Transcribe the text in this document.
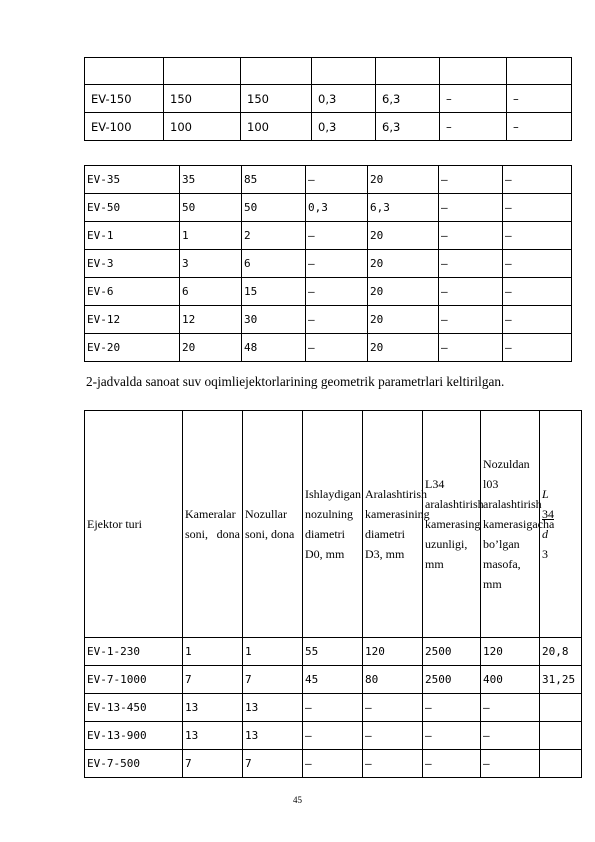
EV-150	150	150	0,3	6,3	–	–
EV-100	100	100	0,3	6,3	–	–
EV-35	35	85	–	20	–	–
EV-50	50	50	0,3	6,3	–	–
EV-1	1	2	–	20	–	–
EV-3	3	6	–	20	–	–
EV-6	6	15	–	20	–	–
EV-12	12	30	–	20	–	–
EV-20	20	48	–	20	–	–
2-jadvalda sanoat suv oqimliejektorlarining geometrik parametrlari keltirilgan.
Ejektor turi	Kameralar soni, dona	Nozullar soni, dona	Ishlaydigan nozulning diametri D0, mm	Aralashtirish kamerasining diametri D3, mm	L34 aralashtirish kamerasing uzunligi, mm	Nozuldan l03 aralashtirish kamerasigacha bo’lgan masofa, mm	L
34
d
3

EV-1-230	1	1	55	120	2500	120	20,8
EV-7-1000	7	7	45	80	2500	400	31,25
EV-13-450	13	13	–	–	–	–	
EV-13-900	13	13	–	–	–	–	
EV-7-500	7	7	–	–	–	–	
45
